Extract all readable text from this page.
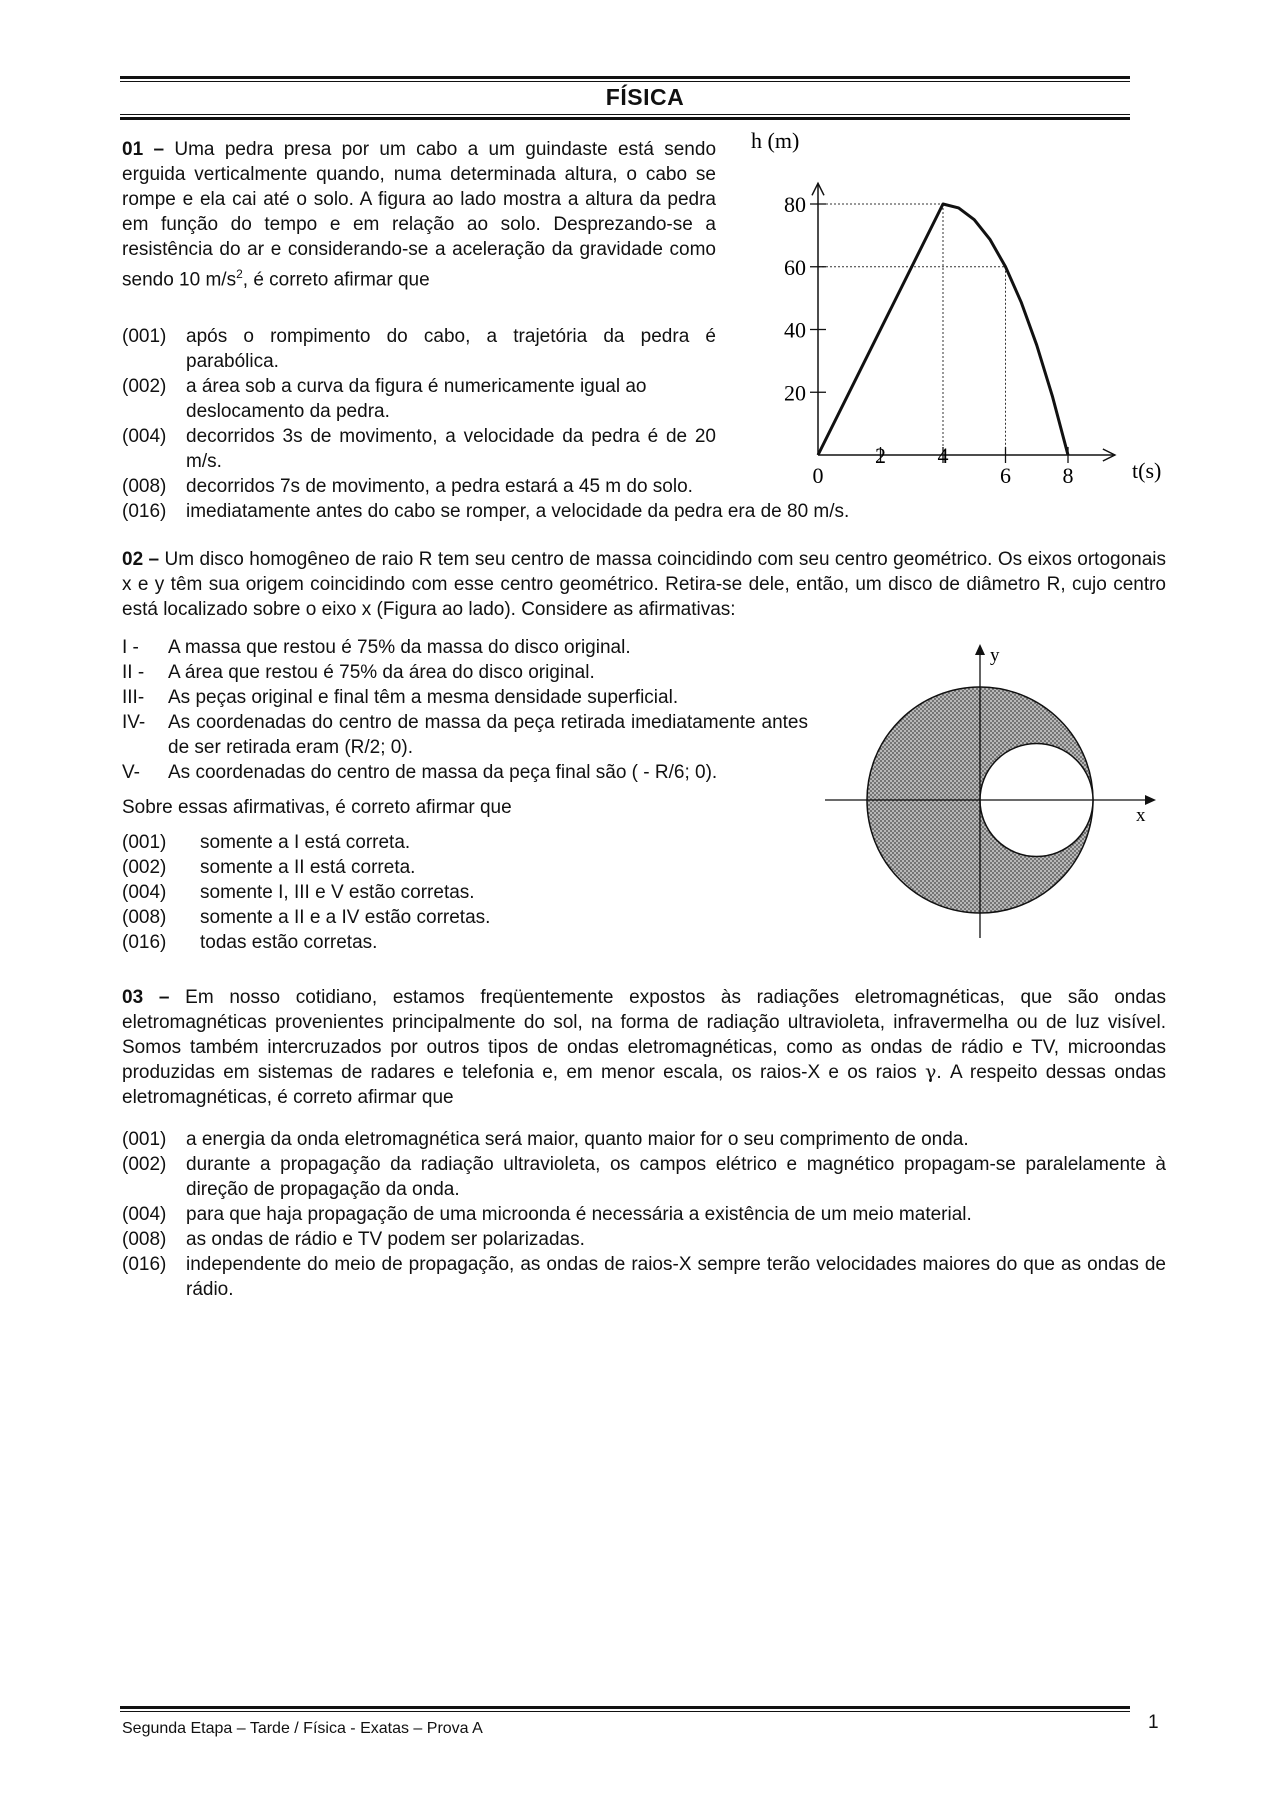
FÍSICA
01 – Uma pedra presa por um cabo a um guindaste está sendo erguida verticalmente quando, numa determinada altura, o cabo se rompe e ela cai até o solo. A figura ao lado mostra a altura da pedra em função do tempo e em relação ao solo. Desprezando-se a resistência do ar e considerando-se a aceleração da gravidade como sendo 10 $m/s^2$, é correto afirmar que
(001) após o rompimento do cabo, a trajetória da pedra é parabólica.
(002) a área sob a curva da figura é numericamente igual ao deslocamento da pedra.
(004) decorridos 3s de movimento, a velocidade da pedra é de 20 m/s.
(008) decorridos 7s de movimento, a pedra estará a 45 m do solo.
(016) imediatamente antes do cabo se romper, a velocidade da pedra era de 80 m/s.
20
40
60
80
0
2 4
6 8
h (m)
t(s)
02 – Um disco homogêneo de raio R tem seu centro de massa coincidindo com seu centro geométrico. Os eixos ortogonais x e y têm sua origem coincidindo com esse centro geométrico. Retira-se dele, então, um disco de diâmetro R, cujo centro está localizado sobre o eixo x (Figura ao lado). Considere as afirmativas:
I - A massa que restou é 75% da massa do disco original.
II - A área que restou é 75% da área do disco original.
III- As peças original e final têm a mesma densidade superficial.
IV- As coordenadas do centro de massa da peça retirada imediatamente antes de ser retirada eram (R/2; 0).
V- As coordenadas do centro de massa da peça final são ( - R/6; 0).
Sobre essas afirmativas, é correto afirmar que
(001) somente a I está correta.
(002) somente a II está correta.
(004) somente I, III e V estão corretas.
(008) somente a II e a IV estão corretas.
(016) todas estão corretas.
y
x
03 – Em nosso cotidiano, estamos freqüentemente expostos às radiações eletromagnéticas, que são ondas eletromagnéticas provenientes principalmente do sol, na forma de radiação ultravioleta, infravermelha ou de luz visível. Somos também intercruzados por outros tipos de ondas eletromagnéticas, como as ondas de rádio e TV, microondas produzidas em sistemas de radares e telefonia e, em menor escala, os raios-X e os raios γ. A respeito dessas ondas eletromagnéticas, é correto afirmar que
(001) a energia da onda eletromagnética será maior, quanto maior for o seu comprimento de onda.
(002) durante a propagação da radiação ultravioleta, os campos elétrico e magnético propagam-se paralelamente à direção de propagação da onda.
(004) para que haja propagação de uma microonda é necessária a existência de um meio material.
(008) as ondas de rádio e TV podem ser polarizadas.
(016) independente do meio de propagação, as ondas de raios-X sempre terão velocidades maiores do que as ondas de rádio.
Segunda Etapa – Tarde / Física - Exatas – Prova A	1
